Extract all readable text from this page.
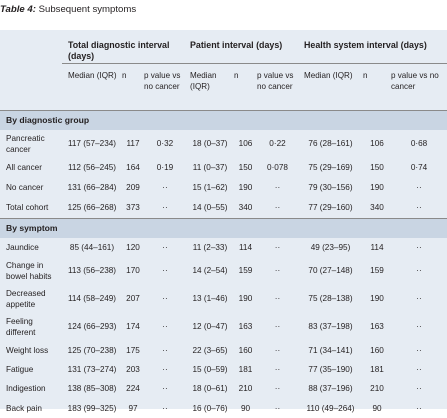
Table 4: Subsequent symptoms
	Total diagnostic interval (days)			Patient interval (days)			Health system interval (days)		
	Median (IQR)	n	p value vs no cancer	Median (IQR)	n	p value vs no cancer	Median (IQR)	n	p value vs no cancer
By diagnostic group									
Pancreatic cancer	117 (57–234)	117	0·32	18 (0–37)	106	0·22	76 (28–161)	106	0·68
All cancer	112 (56–245)	164	0·19	11 (0–37)	150	0·078	75 (29–169)	150	0·74
No cancer	131 (66–284)	209	··	15 (1–62)	190	··	79 (30–156)	190	··
Total cohort	125 (66–268)	373	··	14 (0–55)	340	··	77 (29–160)	340	··
By symptom									
Jaundice	85 (44–161)	120	··	11 (2–33)	114	··	49 (23–95)	114	··
Change in bowel habits	113 (56–238)	170	··	14 (2–54)	159	··	70 (27–148)	159	··
Decreased appetite	114 (58–249)	207	··	13 (1–46)	190	··	75 (28–138)	190	··
Feeling different	124 (66–293)	174	··	12 (0–47)	163	··	83 (37–198)	163	··
Weight loss	125 (70–238)	175	··	22 (3–65)	160	··	71 (34–141)	160	··
Fatigue	131 (73–274)	203	··	15 (0–59)	181	··	77 (35–190)	181	··
Indigestion	138 (85–308)	224	··	18 (0–61)	210	··	88 (37–196)	210	··
Back pain	183 (99–325)	97	··	16 (0–76)	90	··	110 (49–264)	90	··
